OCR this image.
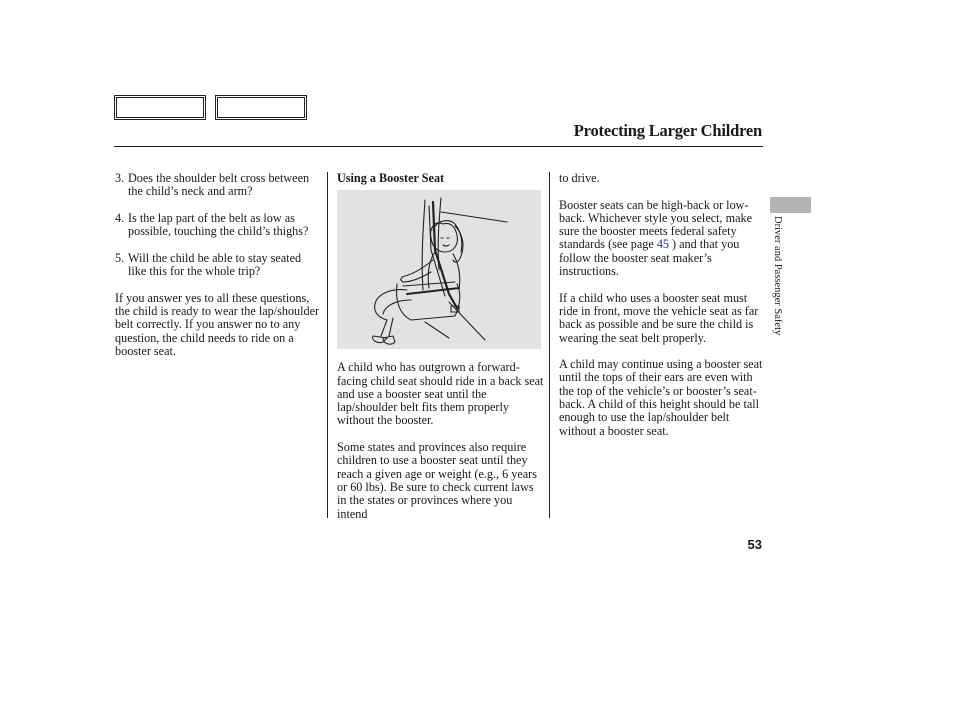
Protecting Larger Children
3. Does the shoulder belt cross between the child’s neck and arm?
4. Is the lap part of the belt as low as possible, touching the child’s thighs?
5. Will the child be able to stay seated like this for the whole trip?

If you answer yes to all these questions, the child is ready to wear the lap/shoulder belt correctly. If you answer no to any question, the child needs to ride on a booster seat.

Using a Booster Seat

A child who has outgrown a forward-facing child seat should ride in a back seat and use a booster seat until the lap/shoulder belt fits them properly without the booster.

Some states and provinces also require children to use a booster seat until they reach a given age or weight (e.g., 6 years or 60 lbs). Be sure to check current laws in the states or provinces where you intend

to drive.

Booster seats can be high-back or low-back. Whichever style you select, make sure the booster meets federal safety standards (see page 45 ) and that you follow the booster seat maker’s instructions.

If a child who uses a booster seat must ride in front, move the vehicle seat as far back as possible and be sure the child is wearing the seat belt properly.

A child may continue using a booster seat until the tops of their ears are even with the top of the vehicle’s or booster’s seat-back. A child of this height should be tall enough to use the lap/shoulder belt without a booster seat.

Driver and Passenger Safety
53
